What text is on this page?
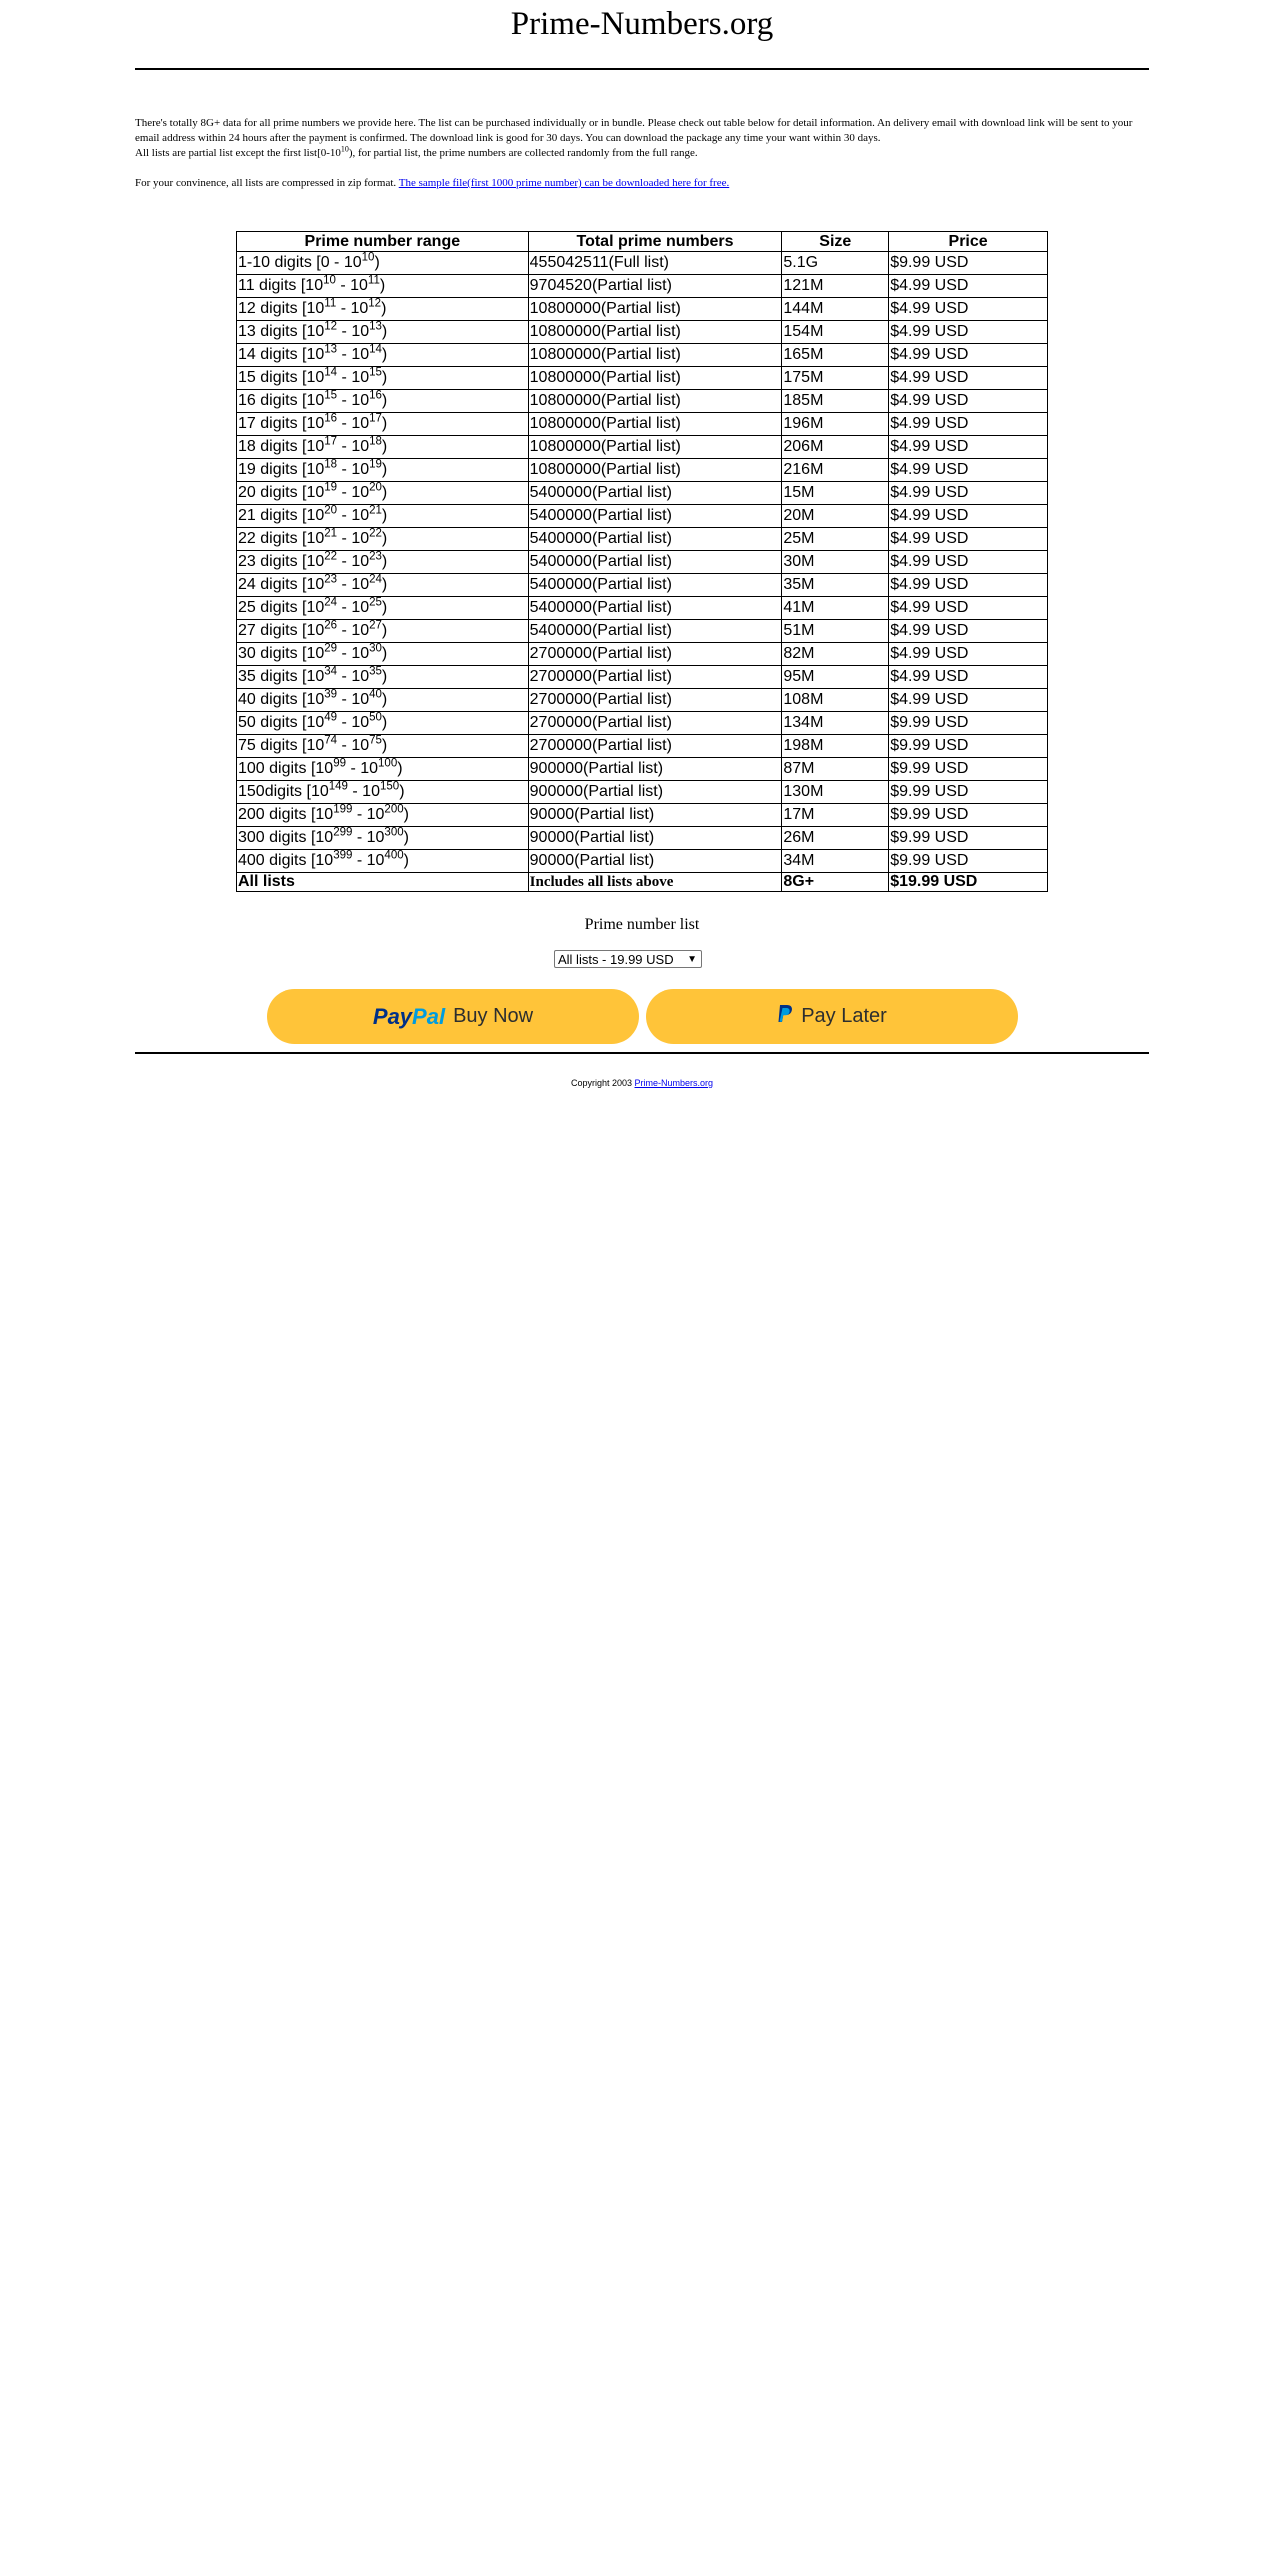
Prime-Numbers.org

There's totally 8G+ data for all prime numbers we provide here. The list can be purchased individually or in bundle. Please check out table below for detail information. An delivery email with download link will be sent to your email address within 24 hours after the payment is confirmed. The download link is good for 30 days. You can download the package any time your want within 30 days.

All lists are partial list except the first $list[0-10^{10})$, for partial list, the prime numbers are collected randomly from the full range.

For your convinence, all lists are compressed in zip format. The sample file(first 1000 prime number) can be downloaded here for free.

Prime number range	Total prime numbers	Size	Price
1-10 digits $[0 - 10^{10})$	455042511(Full list)	5.1G	$9.99 USD
11 digits $[10^{10} - 10^{11})$	9704520(Partial list)	121M	$4.99 USD
12 digits $[10^{11} - 10^{12})$	10800000(Partial list)	144M	$4.99 USD
13 digits $[10^{12} - 10^{13})$	10800000(Partial list)	154M	$4.99 USD
14 digits $[10^{13} - 10^{14})$	10800000(Partial list)	165M	$4.99 USD
15 digits $[10^{14} - 10^{15})$	10800000(Partial list)	175M	$4.99 USD
16 digits $[10^{15} - 10^{16})$	10800000(Partial list)	185M	$4.99 USD
17 digits $[10^{16} - 10^{17})$	10800000(Partial list)	196M	$4.99 USD
18 digits $[10^{17} - 10^{18})$	10800000(Partial list)	206M	$4.99 USD
19 digits $[10^{18} - 10^{19})$	10800000(Partial list)	216M	$4.99 USD
20 digits $[10^{19} - 10^{20})$	5400000(Partial list)	15M	$4.99 USD
21 digits $[10^{20} - 10^{21})$	5400000(Partial list)	20M	$4.99 USD
22 digits $[10^{21} - 10^{22})$	5400000(Partial list)	25M	$4.99 USD
23 digits $[10^{22} - 10^{23})$	5400000(Partial list)	30M	$4.99 USD
24 digits $[10^{23} - 10^{24})$	5400000(Partial list)	35M	$4.99 USD
25 digits $[10^{24} - 10^{25})$	5400000(Partial list)	41M	$4.99 USD
27 digits $[10^{26} - 10^{27})$	5400000(Partial list)	51M	$4.99 USD
30 digits $[10^{29} - 10^{30})$	2700000(Partial list)	82M	$4.99 USD
35 digits $[10^{34} - 10^{35})$	2700000(Partial list)	95M	$4.99 USD
40 digits $[10^{39} - 10^{40})$	2700000(Partial list)	108M	$4.99 USD
50 digits $[10^{49} - 10^{50})$	2700000(Partial list)	134M	$9.99 USD
75 digits $[10^{74} - 10^{75})$	2700000(Partial list)	198M	$9.99 USD
100 digits $[10^{99} - 10^{100})$	900000(Partial list)	87M	$9.99 USD
150digits $[10^{149} - 10^{150})$	900000(Partial list)	130M	$9.99 USD
200 digits $[10^{199} - 10^{200})$	90000(Partial list)	17M	$9.99 USD
300 digits $[10^{299} - 10^{300})$	90000(Partial list)	26M	$9.99 USD
400 digits $[10^{399} - 10^{400})$	90000(Partial list)	34M	$9.99 USD
All lists	Includes all lists above	8G+	$19.99 USD
Prime number list
All lists - 19.99 USD ▼
PayPal Buy Now	Pay Later
Copyright 2003 Prime-Numbers.org
